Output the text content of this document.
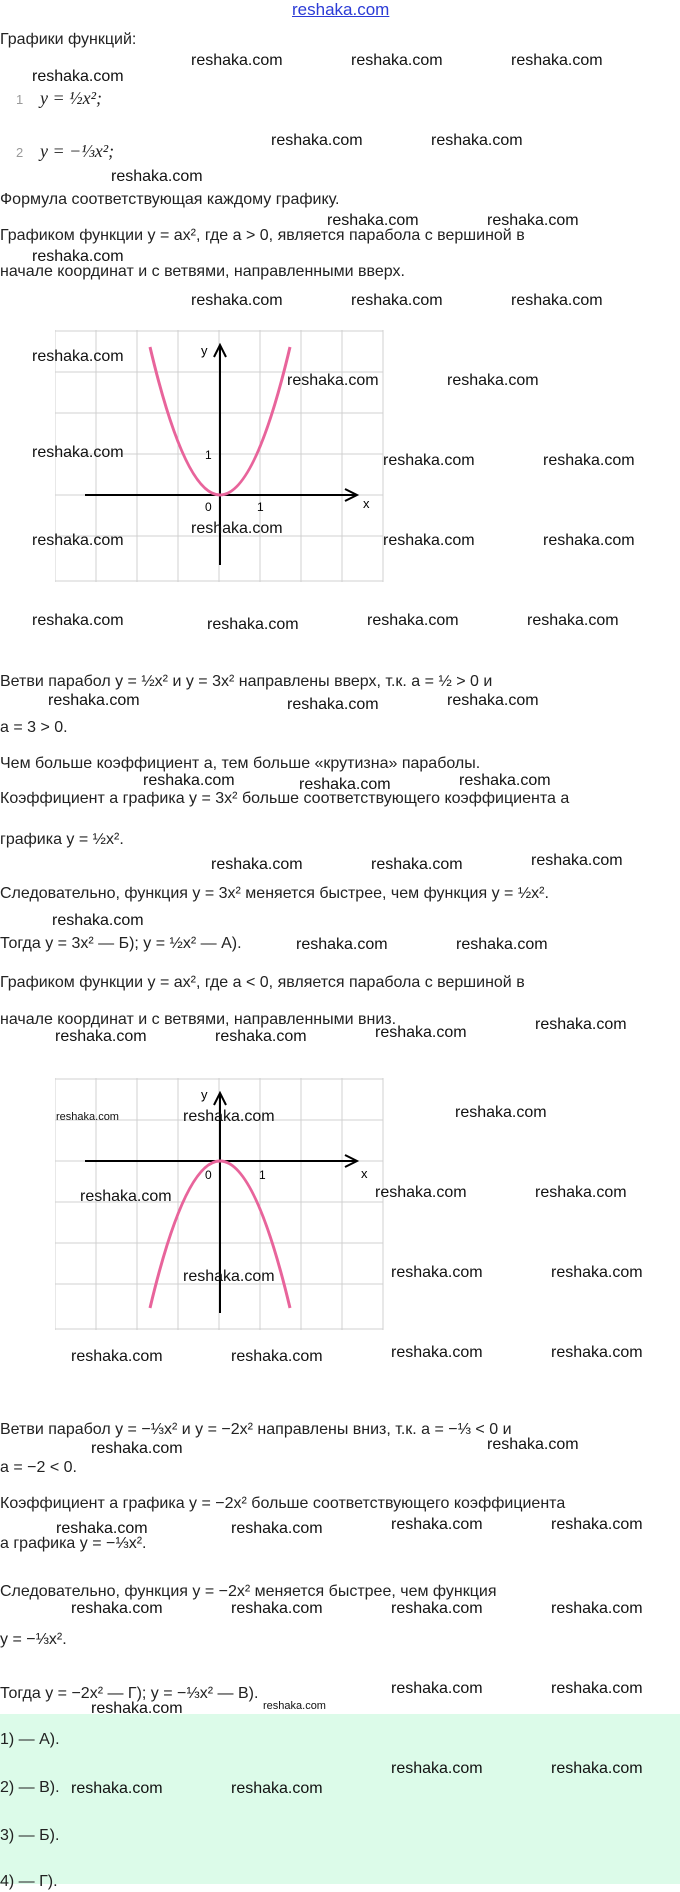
reshaka.com
Графики функций:
1 y = ½x²;
2 y = −⅓x²;
Формула соответствующая каждому графику.
Графиком функции y = ax², где a > 0, является парабола с вершиной в
начале координат и с ветвями, направленными вверх.
y
x
0	1
1
Ветви парабол y = ½x² и y = 3x² направлены вверх, т.к. a = ½ > 0 и
a = 3 > 0.
Чем больше коэффициент a, тем больше «крутизна» параболы.
Коэффициент a графика y = 3x² больше соответствующего коэффициента a
графика y = ½x².
Следовательно, функция y = 3x² меняется быстрее, чем функция y = ½x².
Тогда y = 3x² — Б); y = ½x² — А).
Графиком функции y = ax², где a < 0, является парабола с вершиной в
начале координат и с ветвями, направленными вниз.
y
x
0	1
Ветви парабол y = −⅓x² и y = −2x² направлены вниз, т.к. a = −⅓ < 0 и
a = −2 < 0.
Коэффициент a графика y = −2x² больше соответствующего коэффициента
a графика y = −⅓x².
Следовательно, функция y = −2x² меняется быстрее, чем функция
y = −⅓x².
Тогда y = −2x² — Г); y = −⅓x² — В).
1) — А).
2) — В).
3) — Б).
4) — Г).
reshaka.com	reshaka.com	reshaka.com
reshaka.com
reshaka.com	reshaka.com
reshaka.com
reshaka.com	reshaka.com
reshaka.com
reshaka.com	reshaka.com	reshaka.com
reshaka.com
reshaka.com	reshaka.com
reshaka.com	reshaka.com	reshaka.com
reshaka.com
reshaka.com	reshaka.com	reshaka.com
reshaka.com	reshaka.com	reshaka.com	reshaka.com
reshaka.com	reshaka.com	reshaka.com
reshaka.com	reshaka.com	reshaka.com
reshaka.com	reshaka.com	reshaka.com
reshaka.com
reshaka.com	reshaka.com
reshaka.com	reshaka.com	reshaka.com	reshaka.com
reshaka.com	reshaka.com	reshaka.com
reshaka.com	reshaka.com	reshaka.com
reshaka.com	reshaka.com	reshaka.com
reshaka.com	reshaka.com	reshaka.com	reshaka.com
reshaka.com	reshaka.com
reshaka.com	reshaka.com	reshaka.com	reshaka.com
reshaka.com	reshaka.com	reshaka.com	reshaka.com
reshaka.com	reshaka.com
reshaka.com	reshaka.com
reshaka.com	reshaka.com
reshaka.com	reshaka.com
